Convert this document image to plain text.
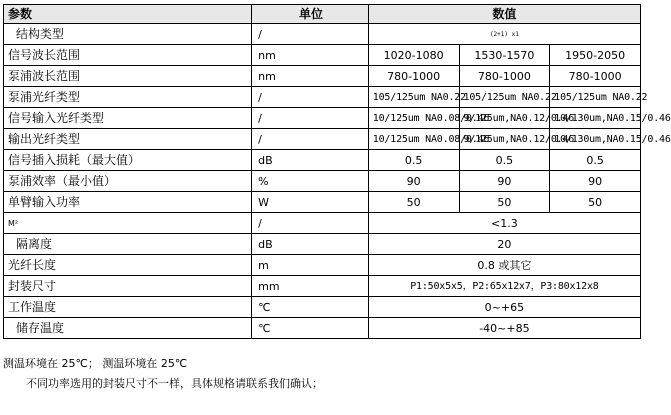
参数	单位	数值		
结构类型	/	(2+1) x1		
信号波长范围	nm	1020-1080	1530-1570	1950-2050
泵浦波长范围	nm	780-1000	780-1000	780-1000
泵浦光纤类型	/	105/125um NA0.22	105/125um NA0.22	105/125um NA0.22
信号输入光纤类型	/	10/125um NA0.08/0.46	9/125um,NA0.12/0.46	10/130um,NA0.15/0.46
输出光纤类型	/	10/125um NA0.08/0.46	9/125um,NA0.12/0.46	10/130um,NA0.15/0.46
信号插入损耗（最大值）	dB	0.5	0.5	0.5
泵浦效率（最小值）	%	90	90	90
单臂输入功率	W	50	50	50
M²	/	<1.3		
隔离度	dB	20		
光纤长度	m	0.8 或其它		
封装尺寸	mm	P1:50x5x5，P2:65x12x7，P3:80x12x8		
工作温度	℃	0~+65		
储存温度	℃	-40~+85		
测温环境在 25℃； 测温环境在 25℃
不同功率选用的封装尺寸不一样，具体规格请联系我们确认；
